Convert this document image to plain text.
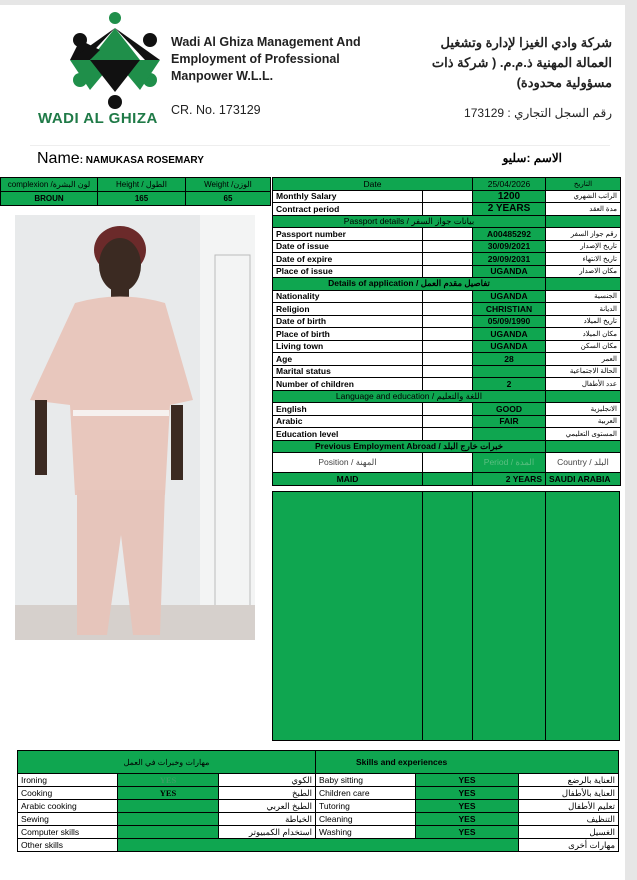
WADI AL GHIZA
Wadi Al Ghiza Management And
Employment of Professional
Manpower W.L.L.
CR. No. 173129
شركة وادي الغيزا لإدارة وتشغيل العمالة المهنية ذ.م.م. ( شركة ذات مسؤولية محدودة)
رقم السجل التجاري : 173129
Name: NAMUKASA ROSEMARY	الاسم :سليو
complexion /لون البشرة	Height / الطول	Weight /الوزن
BROUN	165	65
Date		25/04/2026	التاريخ
Monthly Salary		1200	الراتب الشهري
Contract period		2 YEARS	مدة العقد
Passport details / بيانات جواز السفر			
Passport number		A00485292	رقم جواز السفر
Date of issue		30/09/2021	تاريخ الإصدار
Date of expire		29/09/2031	تاريخ الانتهاء
Place of issue		UGANDA	مكان الاصدار
Details of application / تفاصيل مقدم العمل			
Nationality		UGANDA	الجنسية
Religion		CHRISTIAN	الديانة
Date of birth		05/09/1990	تاريخ الميلاد
Place of birth		UGANDA	مكان الميلاد
Living town		UGANDA	مكان السكن
Age		28	العمر
Marital status			الحالة الاجتماعية
Number of children		2	عدد الأطفال
Language and education / اللغة والتعليم			
English		GOOD	الانجليزية
Arabic		FAIR	العربية
Education level			المستوى التعليمي
Previous Employment Abroad / خبرات خارج البلد			
Position / المهنة		Period / المدة	Country / البلد
MAID		2 YEARS	SAUDI ARABIA
مهارات وخبرات في العمل			Skills and experiences		
Ironing	YES	الكوي	Baby sitting	YES	العناية بالرضع
Cooking	YES	الطبخ	Children care	YES	العناية بالأطفال
Arabic cooking		الطبخ العربي	Tutoring	YES	تعليم الأطفال
Sewing		الخياطة	Cleaning	YES	التنظيف
Computer skills		استخدام الكمبيوتر	Washing	YES	الغسيل
Other skills					مهارات أخرى
